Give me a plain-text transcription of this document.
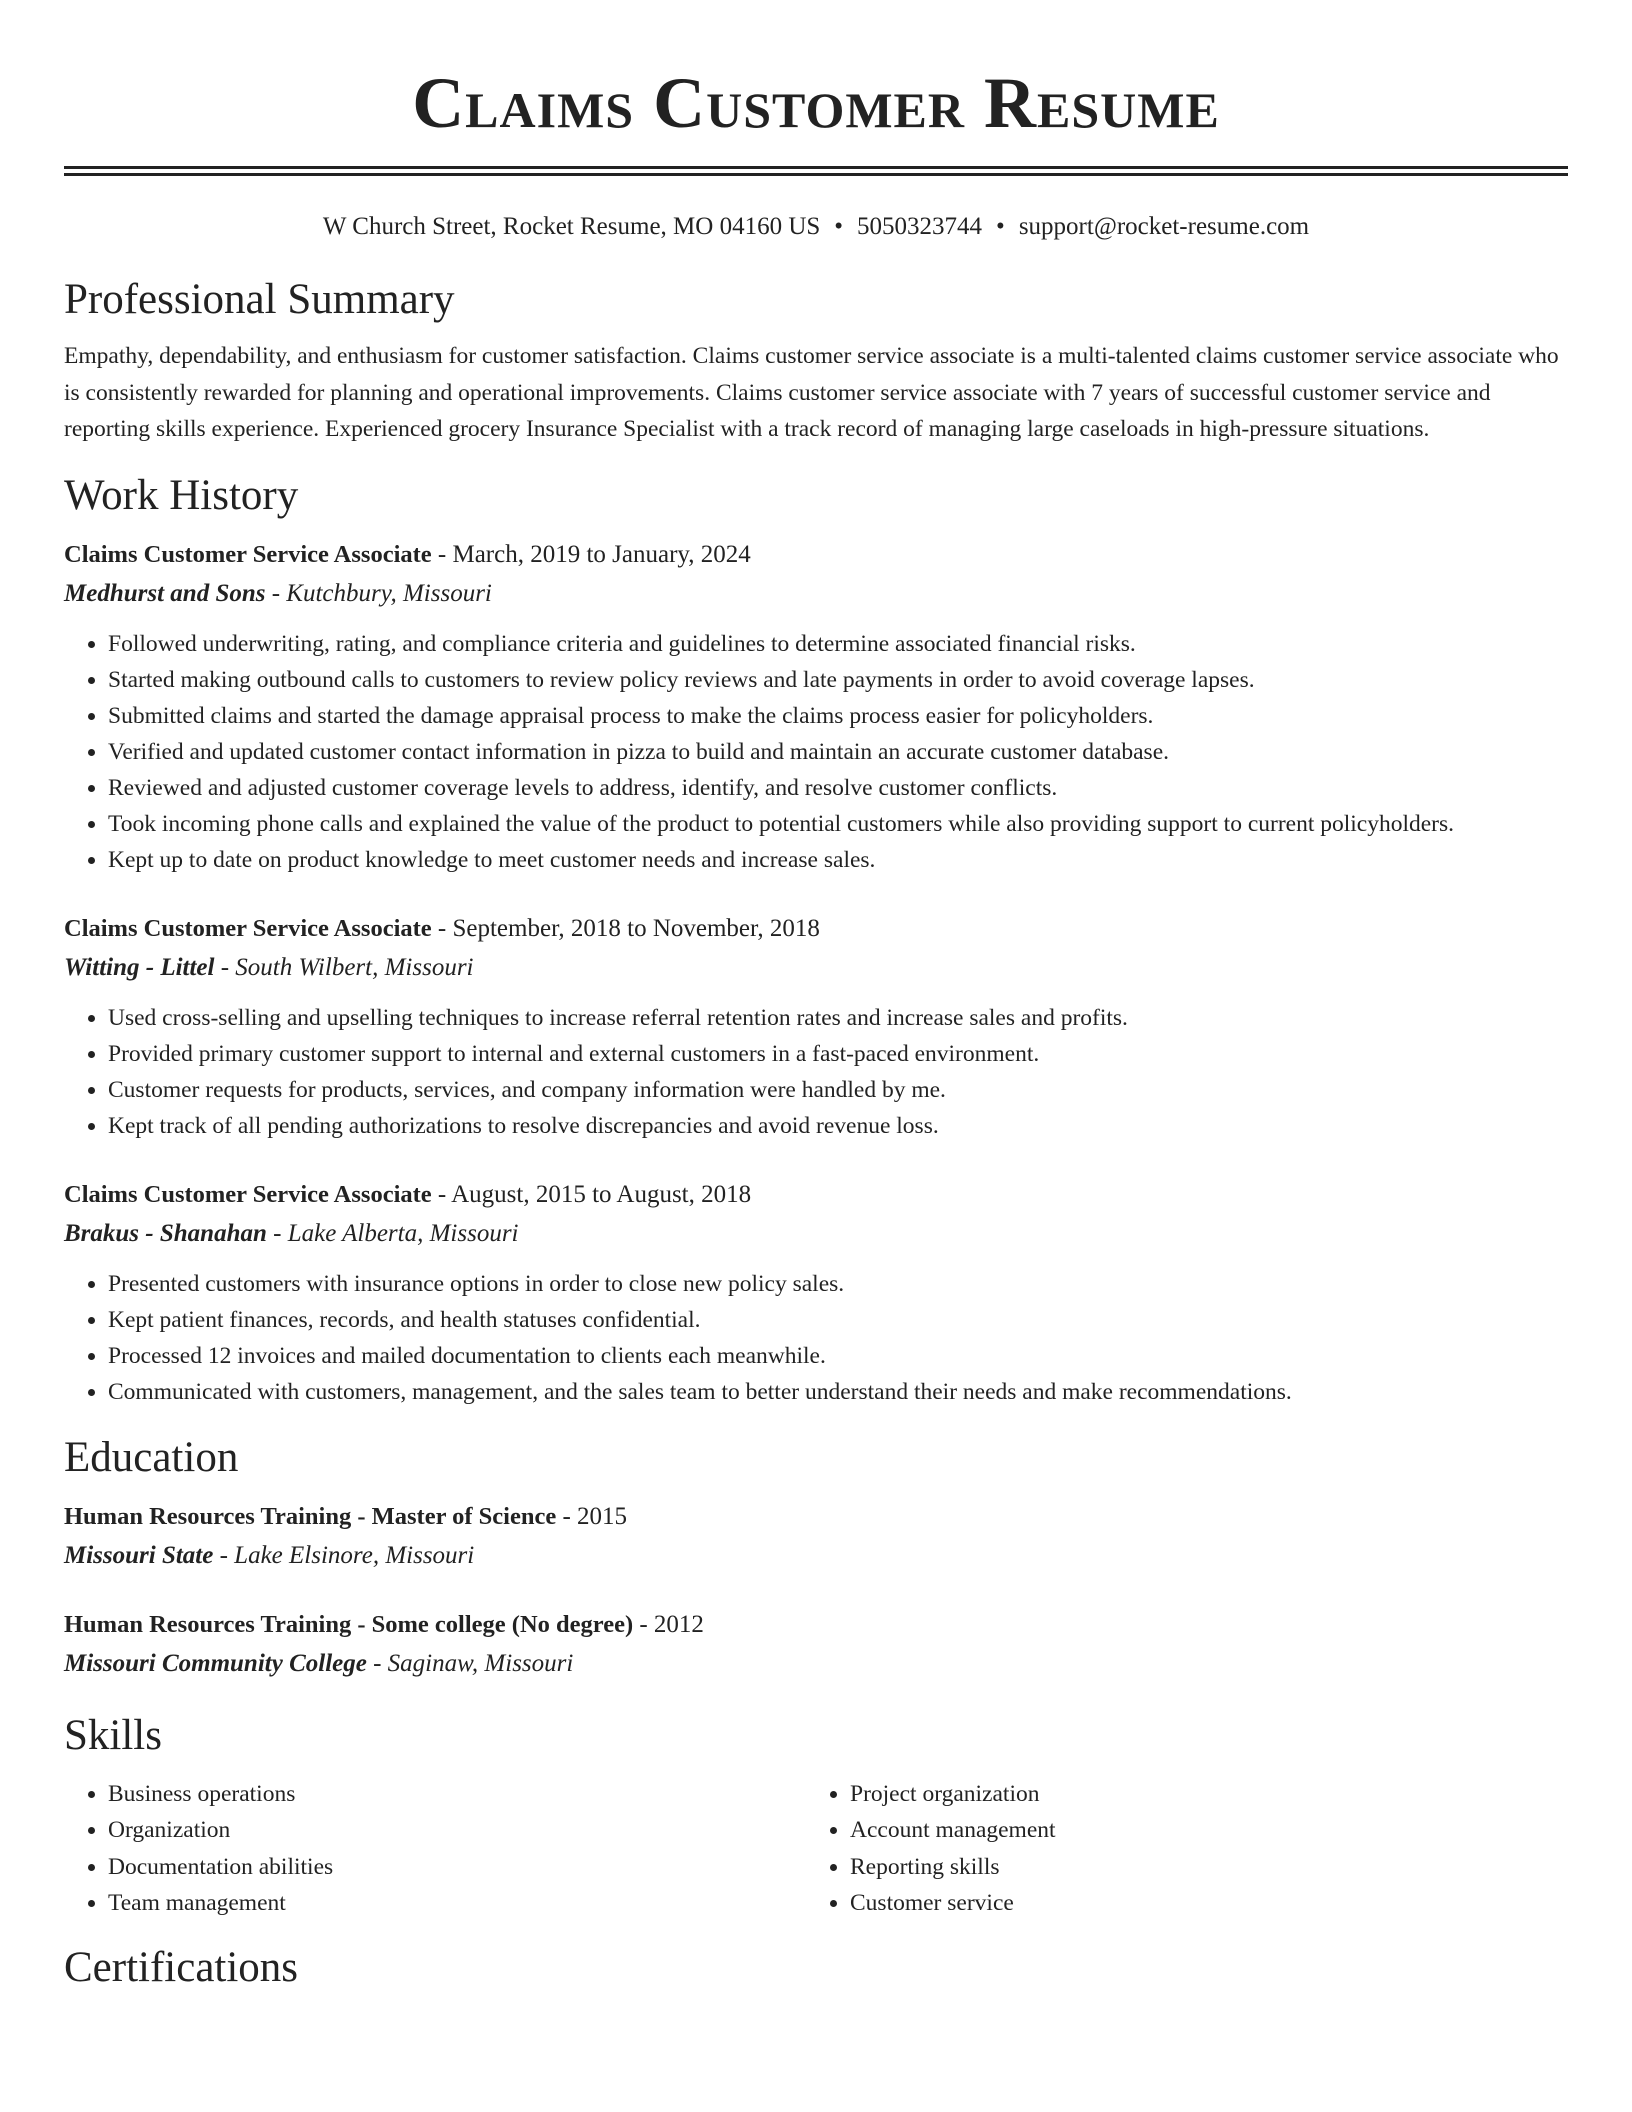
Claims Customer Resume
W Church Street, Rocket Resume, MO 04160 US • 5050323744 • support@rocket-resume.com
Professional Summary

Empathy, dependability, and enthusiasm for customer satisfaction. Claims customer service associate is a multi-talented claims customer service associate who is consistently rewarded for planning and operational improvements. Claims customer service associate with 7 years of successful customer service and reporting skills experience. Experienced grocery Insurance Specialist with a track record of managing large caseloads in high-pressure situations.

Work History
Claims Customer Service Associate - March, 2019 to January, 2024
Medhurst and Sons - Kutchbury, Missouri
• Followed underwriting, rating, and compliance criteria and guidelines to determine associated financial risks.
• Started making outbound calls to customers to review policy reviews and late payments in order to avoid coverage lapses.
• Submitted claims and started the damage appraisal process to make the claims process easier for policyholders.
• Verified and updated customer contact information in pizza to build and maintain an accurate customer database.
• Reviewed and adjusted customer coverage levels to address, identify, and resolve customer conflicts.
• Took incoming phone calls and explained the value of the product to potential customers while also providing support to current policyholders.
• Kept up to date on product knowledge to meet customer needs and increase sales.
Claims Customer Service Associate - September, 2018 to November, 2018
Witting - Littel - South Wilbert, Missouri
• Used cross-selling and upselling techniques to increase referral retention rates and increase sales and profits.
• Provided primary customer support to internal and external customers in a fast-paced environment.
• Customer requests for products, services, and company information were handled by me.
• Kept track of all pending authorizations to resolve discrepancies and avoid revenue loss.
Claims Customer Service Associate - August, 2015 to August, 2018
Brakus - Shanahan - Lake Alberta, Missouri
• Presented customers with insurance options in order to close new policy sales.
• Kept patient finances, records, and health statuses confidential.
• Processed 12 invoices and mailed documentation to clients each meanwhile.
• Communicated with customers, management, and the sales team to better understand their needs and make recommendations.
Education
Human Resources Training - Master of Science - 2015
Missouri State - Lake Elsinore, Missouri
Human Resources Training - Some college (No degree) - 2012
Missouri Community College - Saginaw, Missouri
Skills
• Business operations
• Organization
• Documentation abilities
• Team management
• Project organization
• Account management
• Reporting skills
• Customer service
Certifications
